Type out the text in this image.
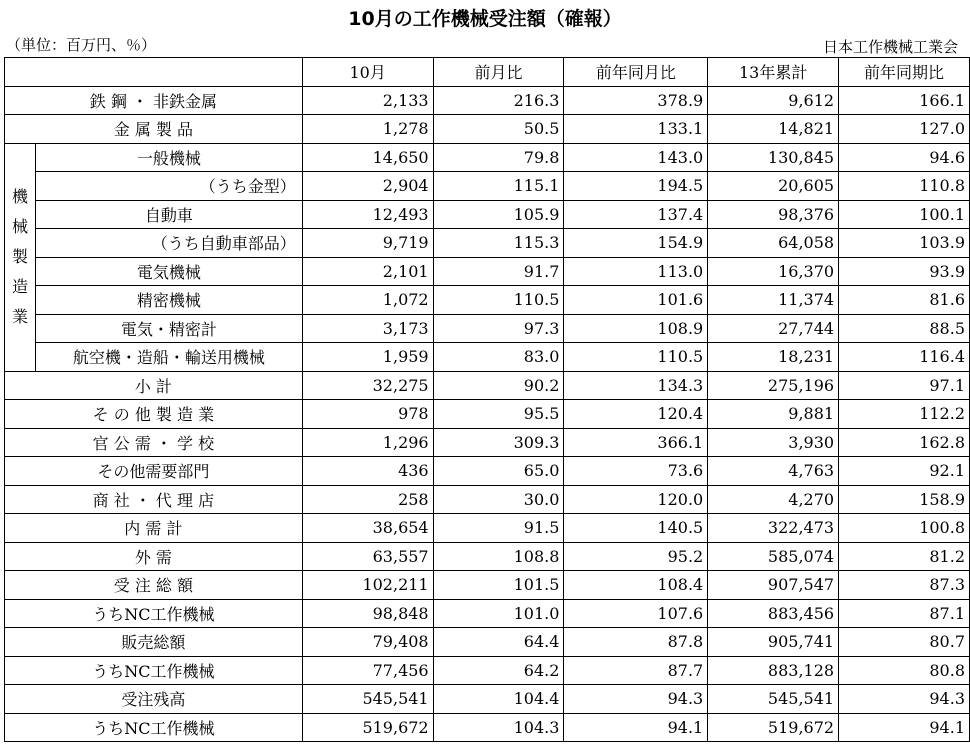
10月の工作機械受注額（確報）
（単位：百万円、％）	日本工作機械工業会
		10月	前月比	前年同月比	13年累計	前年同期比
鉄 鋼 ・ 非鉄金属		2,133	216.3	378.9	9,612	166.1
金 属 製 品		1,278	50.5	133.1	14,821	127.0

機
械
製
造
業	一般機械	14,650	79.8	143.0	130,845	94.6
	（うち金型）	2,904	115.1	194.5	20,605	110.8
	自動車	12,493	105.9	137.4	98,376	100.1
	（うち自動車部品）	9,719	115.3	154.9	64,058	103.9
	電気機械	2,101	91.7	113.0	16,370	93.9
	精密機械	1,072	110.5	101.6	11,374	81.6
	電気・精密計	3,173	97.3	108.9	27,744	88.5
	航空機・造船・輸送用機械	1,959	83.0	110.5	18,231	116.4
小 計		32,275	90.2	134.3	275,196	97.1
そ の 他 製 造 業		978	95.5	120.4	9,881	112.2
官 公 需 ・ 学 校		1,296	309.3	366.1	3,930	162.8
その他需要部門		436	65.0	73.6	4,763	92.1
商 社 ・ 代 理 店		258	30.0	120.0	4,270	158.9
内 需 計		38,654	91.5	140.5	322,473	100.8
外 需		63,557	108.8	95.2	585,074	81.2
受 注 総 額		102,211	101.5	108.4	907,547	87.3
うちNC工作機械		98,848	101.0	107.6	883,456	87.1
販売総額		79,408	64.4	87.8	905,741	80.7
うちNC工作機械		77,456	64.2	87.7	883,128	80.8
受注残高		545,541	104.4	94.3	545,541	94.3
うちNC工作機械		519,672	104.3	94.1	519,672	94.1
